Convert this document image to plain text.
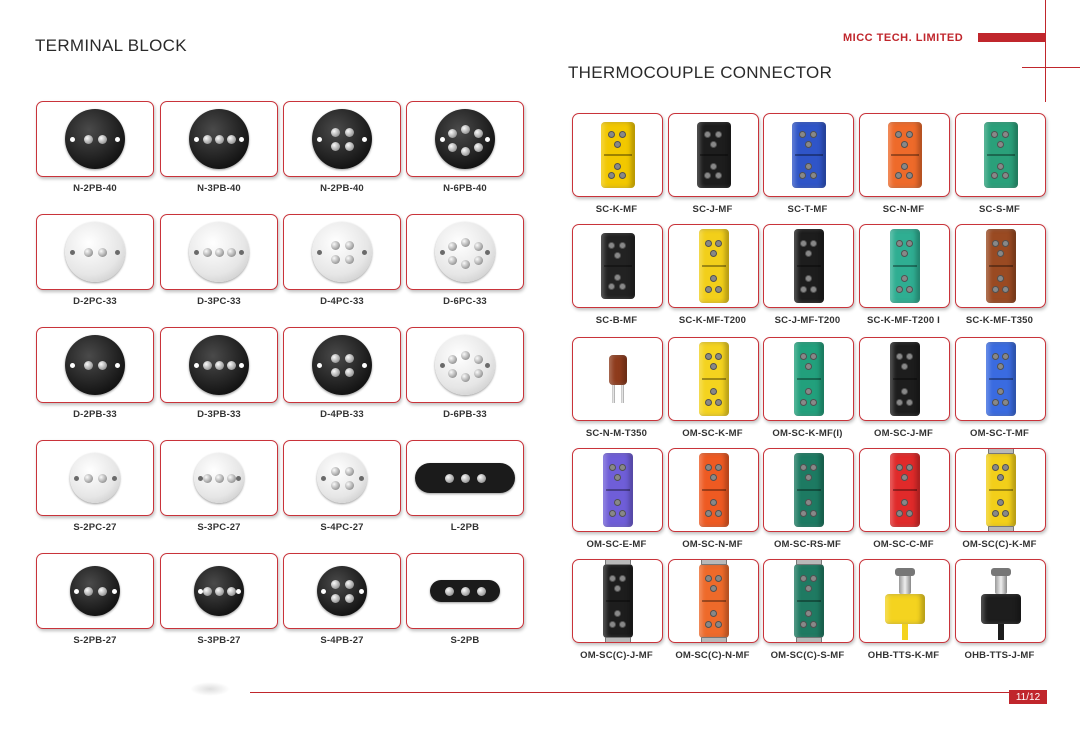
TERMINAL BLOCK
THERMOCOUPLE CONNECTOR
MICC TECH. LIMITED
11/12
N-2PB-40	N-3PB-40	N-2PB-40	N-6PB-40
D-2PC-33	D-3PC-33	D-4PC-33	D-6PC-33
D-2PB-33	D-3PB-33	D-4PB-33	D-6PB-33
S-2PC-27	S-3PC-27	S-4PC-27	L-2PB
S-2PB-27	S-3PB-27	S-4PB-27	S-2PB
SC-K-MF	SC-J-MF	SC-T-MF	SC-N-MF	SC-S-MF
SC-B-MF	SC-K-MF-T200	SC-J-MF-T200	SC-K-MF-T200 I	SC-K-MF-T350
SC-N-M-T350	OM-SC-K-MF	OM-SC-K-MF(I)	OM-SC-J-MF	OM-SC-T-MF
OM-SC-E-MF	OM-SC-N-MF	OM-SC-RS-MF	OM-SC-C-MF	OM-SC(C)-K-MF
OM-SC(C)-J-MF	OM-SC(C)-N-MF	OM-SC(C)-S-MF	OHB-TTS-K-MF	OHB-TTS-J-MF
